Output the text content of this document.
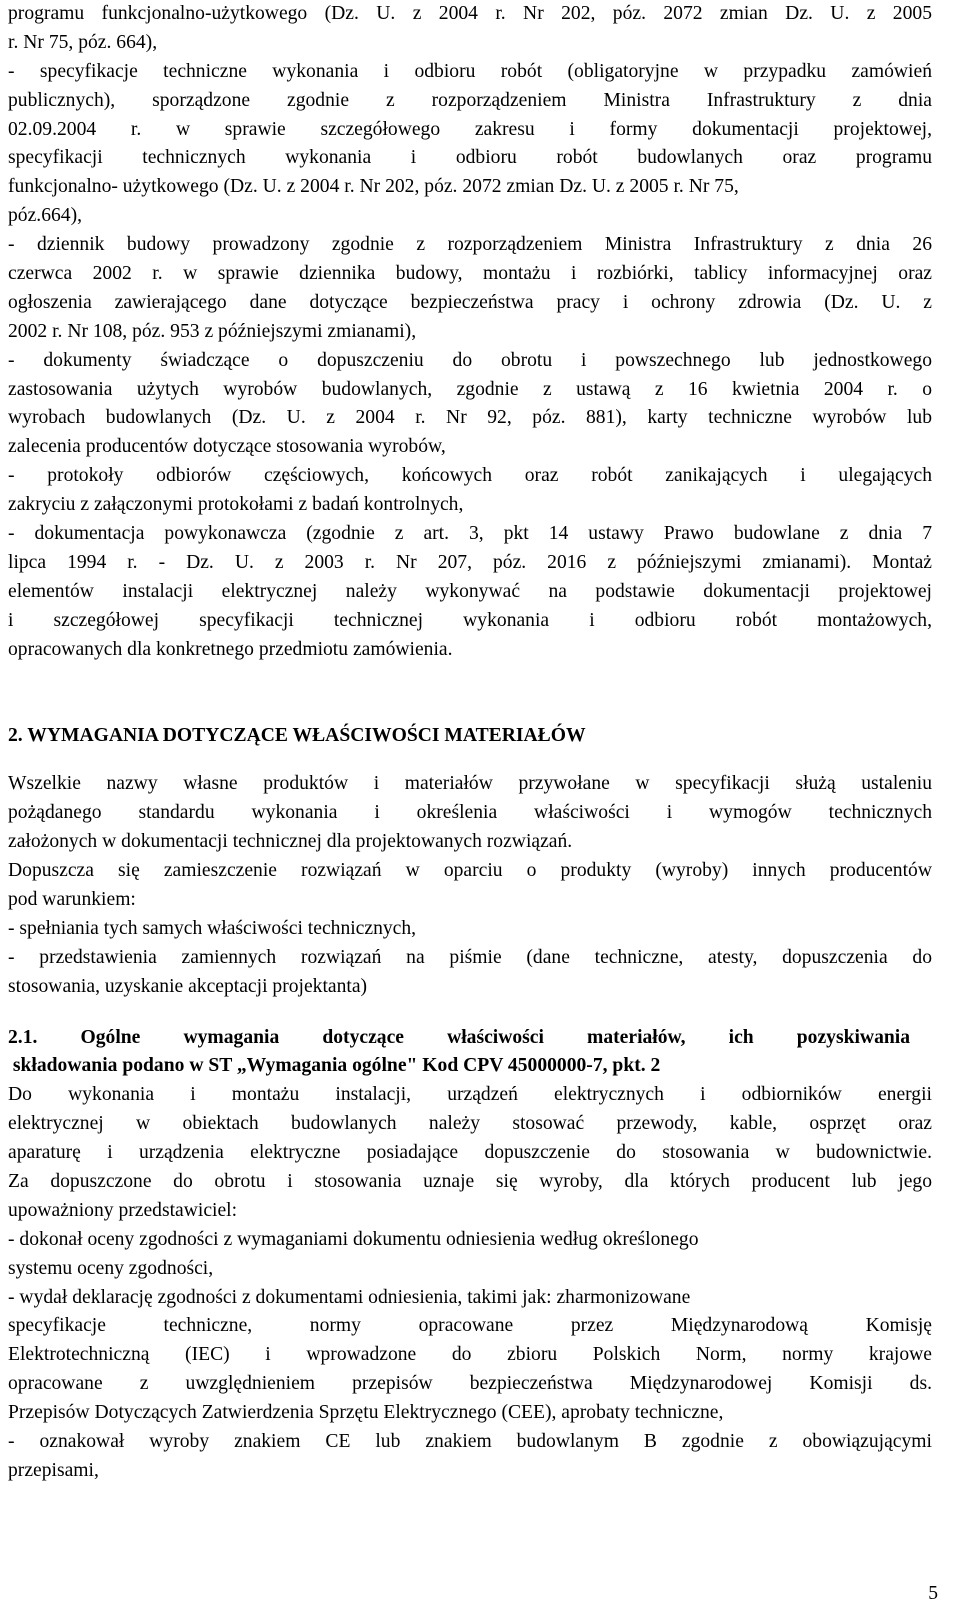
programu funkcjonalno-użytkowego (Dz. U. z 2004 r. Nr 202, póz. 2072 zmian Dz. U. z 2005
r. Nr 75, póz. 664),
- specyfikacje techniczne wykonania i odbioru robót (obligatoryjne w przypadku zamówień
publicznych), sporządzone zgodnie z rozporządzeniem Ministra Infrastruktury z dnia
02.09.2004 r. w sprawie szczegółowego zakresu i formy dokumentacji projektowej,
specyfikacji technicznych wykonania i odbioru robót budowlanych oraz programu
funkcjonalno- użytkowego (Dz. U. z 2004 r. Nr 202, póz. 2072 zmian Dz. U. z 2005 r. Nr 75,
póz.664),
- dziennik budowy prowadzony zgodnie z rozporządzeniem Ministra Infrastruktury z dnia 26
czerwca 2002 r. w sprawie dziennika budowy, montażu i rozbiórki, tablicy informacyjnej oraz
ogłoszenia zawierającego dane dotyczące bezpieczeństwa pracy i ochrony zdrowia (Dz. U. z
2002 r. Nr 108, póz. 953 z późniejszymi zmianami),
- dokumenty świadczące o dopuszczeniu do obrotu i powszechnego lub jednostkowego
zastosowania użytych wyrobów budowlanych, zgodnie z ustawą z 16 kwietnia 2004 r. o
wyrobach budowlanych (Dz. U. z 2004 r. Nr 92, póz. 881), karty techniczne wyrobów lub
zalecenia producentów dotyczące stosowania wyrobów,
- protokoły odbiorów częściowych, końcowych oraz robót zanikających i ulegających
zakryciu z załączonymi protokołami z badań kontrolnych,
- dokumentacja powykonawcza (zgodnie z art. 3, pkt 14 ustawy Prawo budowlane z dnia 7
lipca 1994 r. - Dz. U. z 2003 r. Nr 207, póz. 2016 z późniejszymi zmianami). Montaż
elementów instalacji elektrycznej należy wykonywać na podstawie dokumentacji projektowej
i szczegółowej specyfikacji technicznej wykonania i odbioru robót montażowych,
opracowanych dla konkretnego przedmiotu zamówienia.
2. WYMAGANIA DOTYCZĄCE WŁAŚCIWOŚCI MATERIAŁÓW
Wszelkie nazwy własne produktów i materiałów przywołane w specyfikacji służą ustaleniu
pożądanego standardu wykonania i określenia właściwości i wymogów technicznych
założonych w dokumentacji technicznej dla projektowanych rozwiązań.
Dopuszcza się zamieszczenie rozwiązań w oparciu o produkty (wyroby) innych producentów
pod warunkiem:
- spełniania tych samych właściwości technicznych,
- przedstawienia zamiennych rozwiązań na piśmie (dane techniczne, atesty, dopuszczenia do
stosowania, uzyskanie akceptacji projektanta)
2.1. Ogólne wymagania dotyczące właściwości materiałów, ich pozyskiwania
składowania podano w ST „Wymagania ogólne" Kod CPV 45000000-7, pkt. 2
Do wykonania i montażu instalacji, urządzeń elektrycznych i odbiorników energii
elektrycznej w obiektach budowlanych należy stosować przewody, kable, osprzęt oraz
aparaturę i urządzenia elektryczne posiadające dopuszczenie do stosowania w budownictwie.
Za dopuszczone do obrotu i stosowania uznaje się wyroby, dla których producent lub jego
upoważniony przedstawiciel:
- dokonał oceny zgodności z wymaganiami dokumentu odniesienia według określonego
systemu oceny zgodności,
- wydał deklarację zgodności z dokumentami odniesienia, takimi jak: zharmonizowane
specyfikacje techniczne, normy opracowane przez Międzynarodową Komisję
Elektrotechniczną (IEC) i wprowadzone do zbioru Polskich Norm, normy krajowe
opracowane z uwzględnieniem przepisów bezpieczeństwa Międzynarodowej Komisji ds.
Przepisów Dotyczących Zatwierdzenia Sprzętu Elektrycznego (CEE), aprobaty techniczne,
- oznakował wyroby znakiem CE lub znakiem budowlanym B zgodnie z obowiązującymi
przepisami,
5
